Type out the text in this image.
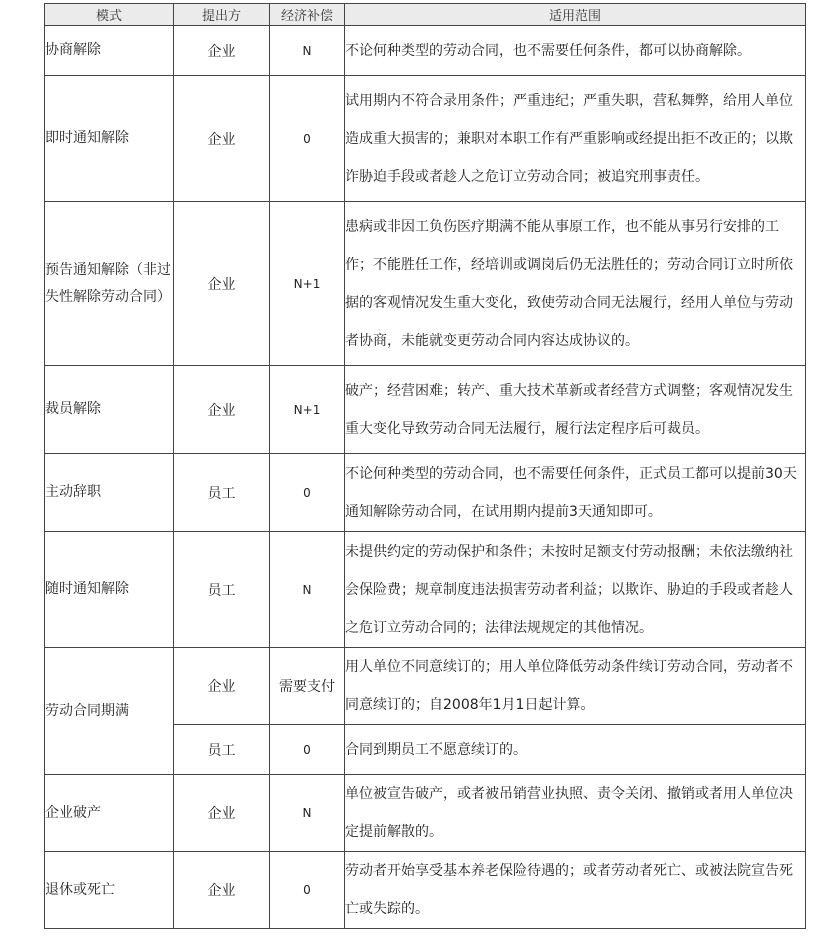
模式	提出方	经济补偿	适用范围
协商解除	企业	N	不论何种类型的劳动合同，也不需要任何条件，都可以协商解除。
即时通知解除	企业	0	试用期内不符合录用条件；严重违纪；严重失职，营私舞弊，给用人单位造成重大损害的；兼职对本职工作有严重影响或经提出拒不改正的；以欺诈胁迫手段或者趁人之危订立劳动合同；被追究刑事责任。
预告通知解除（非过失性解除劳动合同）	企业	N+1	患病或非因工负伤医疗期满不能从事原工作，也不能从事另行安排的工作；不能胜任工作，经培训或调岗后仍无法胜任的；劳动合同订立时所依据的客观情况发生重大变化，致使劳动合同无法履行，经用人单位与劳动者协商，未能就变更劳动合同内容达成协议的。
裁员解除	企业	N+1	破产；经营困难；转产、重大技术革新或者经营方式调整；客观情况发生重大变化导致劳动合同无法履行，履行法定程序后可裁员。
主动辞职	员工	0	不论何种类型的劳动合同，也不需要任何条件，正式员工都可以提前30天通知解除劳动合同，在试用期内提前3天通知即可。
随时通知解除	员工	N	未提供约定的劳动保护和条件；未按时足额支付劳动报酬；未依法缴纳社会保险费；规章制度违法损害劳动者利益；以欺诈、胁迫的手段或者趁人之危订立劳动合同的；法律法规规定的其他情况。
劳动合同期满	企业	需要支付	用人单位不同意续订的；用人单位降低劳动条件续订劳动合同，劳动者不同意续订的；自2008年1月1日起计算。
	员工	0	合同到期员工不愿意续订的。
企业破产	企业	N	单位被宣告破产，或者被吊销营业执照、责令关闭、撤销或者用人单位决定提前解散的。
退休或死亡	企业	0	劳动者开始享受基本养老保险待遇的；或者劳动者死亡、或被法院宣告死亡或失踪的。
